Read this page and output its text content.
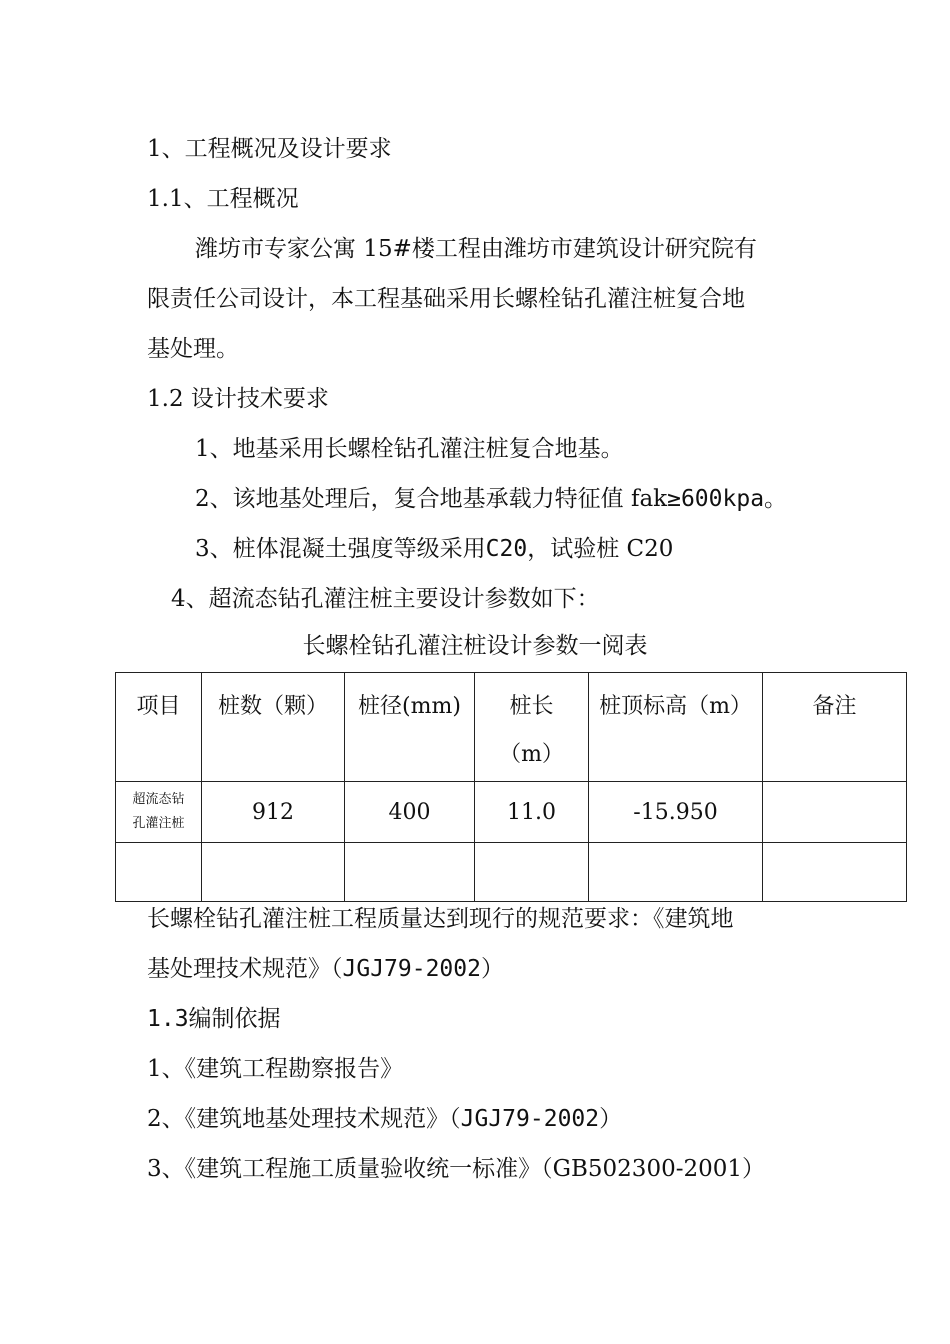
1、工程概况及设计要求
1.1、工程概况
潍坊市专家公寓 15#楼工程由潍坊市建筑设计研究院有
限责任公司设计，本工程基础采用长螺栓钻孔灌注桩复合地
基处理。
1.2 设计技术要求
1、地基采用长螺栓钻孔灌注桩复合地基。
2、该地基处理后，复合地基承载力特征值 fak≥600kpa。
3、桩体混凝土强度等级采用C20，试验桩 C20
4、超流态钻孔灌注桩主要设计参数如下：
长螺栓钻孔灌注桩设计参数一阅表
项目	桩数（颗）	桩径(mm)	桩长（m）	桩顶标高（m）	备注

超流态钻
孔灌注桩	912	400	11.0	-15.950	

长螺栓钻孔灌注桩工程质量达到现行的规范要求：《建筑地
基处理技术规范》（JGJ79-2002）
1.3编制依据
1、《建筑工程勘察报告》
2、《建筑地基处理技术规范》（JGJ79-2002）
3、《建筑工程施工质量验收统一标准》（GB502300-2001）
